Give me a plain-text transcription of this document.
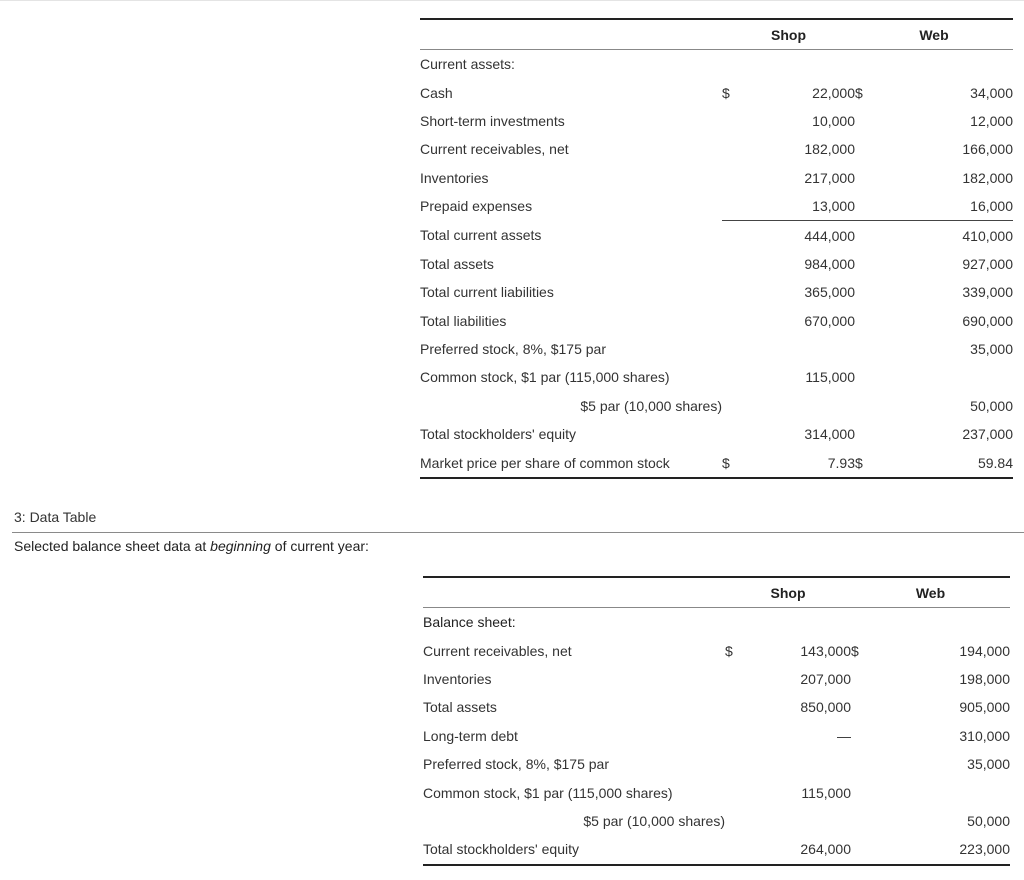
	Shop		Web	
Current assets:				
Cash	$	22,000	$	34,000
Short-term investments		10,000		12,000
Current receivables, net		182,000		166,000
Inventories		217,000		182,000
Prepaid expenses		13,000		16,000
Total current assets		444,000		410,000
Total assets		984,000		927,000
Total current liabilities		365,000		339,000
Total liabilities		670,000		690,000
Preferred stock, 8%, $175 par				35,000
Common stock, $1 par (115,000 shares)		115,000		
$5 par (10,000 shares)				50,000
Total stockholders' equity		314,000		237,000
Market price per share of common stock	$	7.93	$	59.84
3: Data Table
Selected balance sheet data at beginning of current year:
	Shop		Web	
Balance sheet:				
Current receivables, net	$	143,000	$	194,000
Inventories		207,000		198,000
Total assets		850,000		905,000
Long-term debt		—		310,000
Preferred stock, 8%, $175 par				35,000
Common stock, $1 par (115,000 shares)		115,000		
$5 par (10,000 shares)				50,000
Total stockholders' equity		264,000		223,000
